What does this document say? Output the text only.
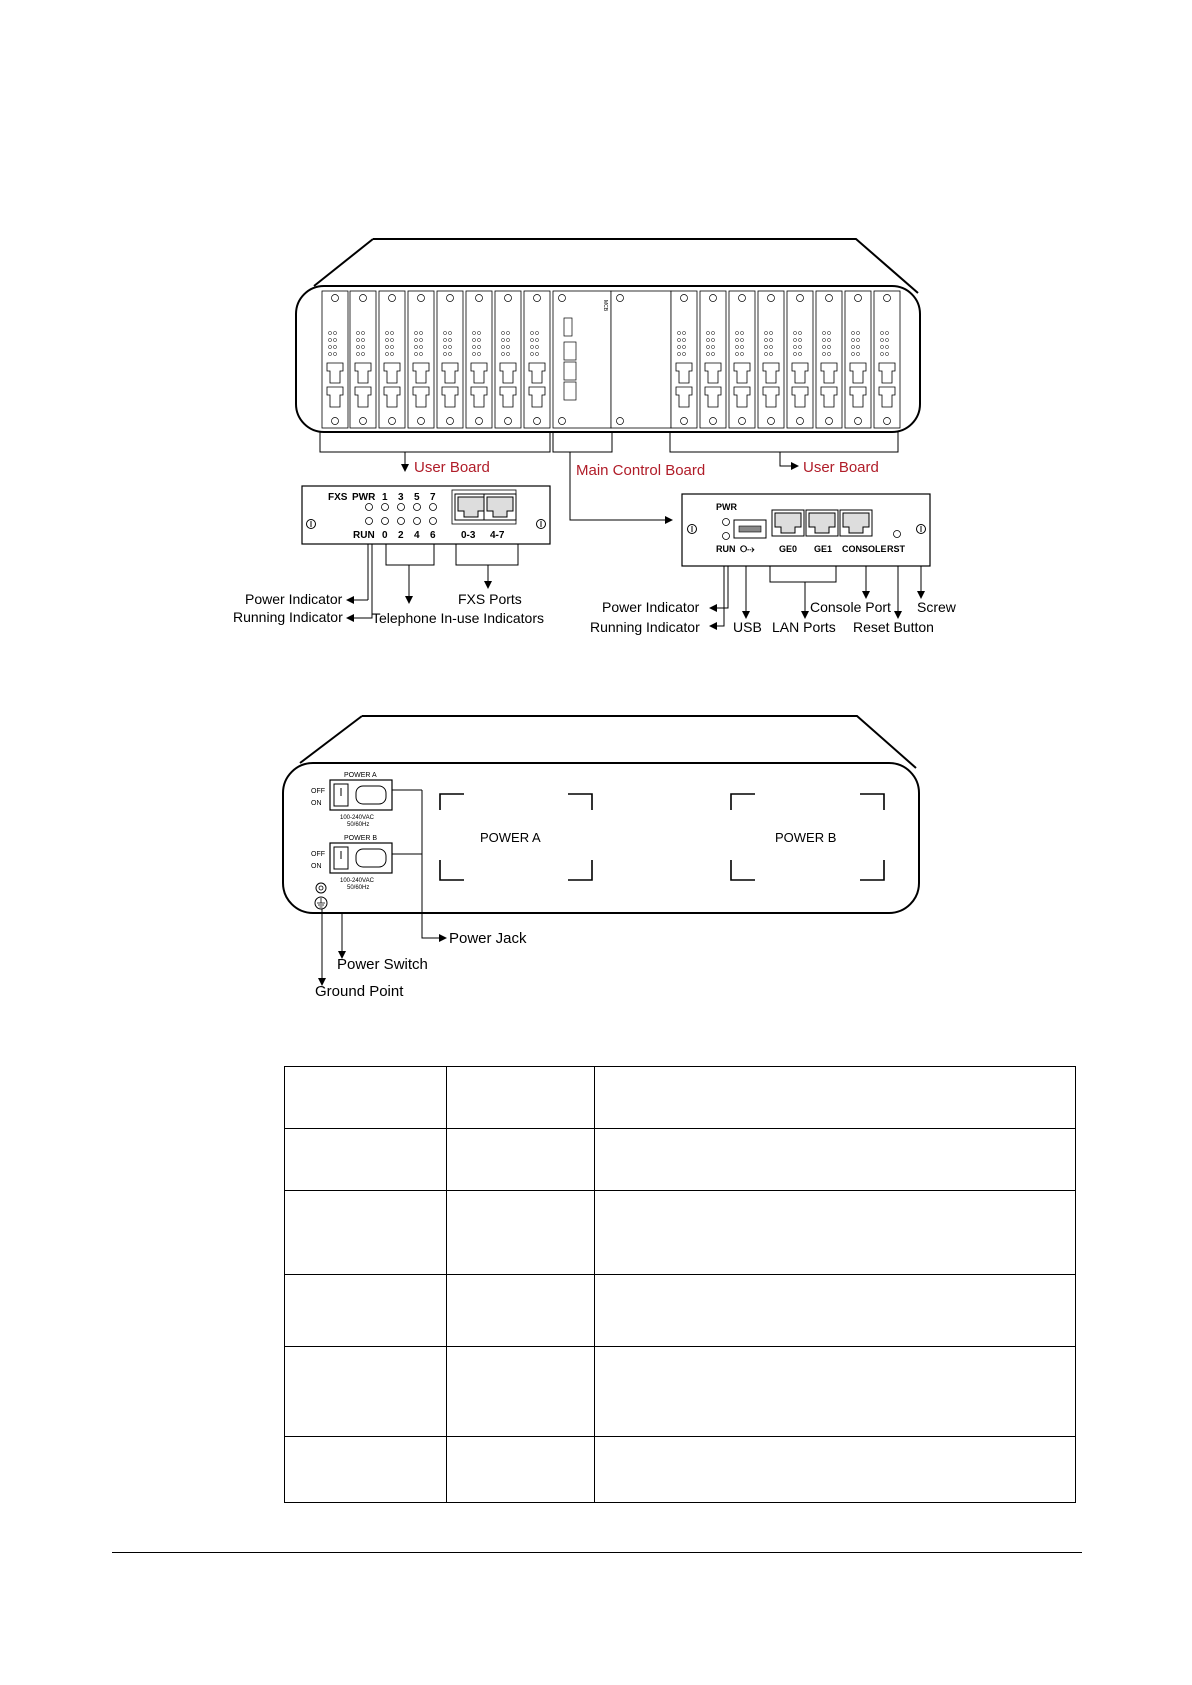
MCB
User Board	Main Control Board	User Board
FXS PWR
RUN
1 3 5 7
0 2 4 6	0-3 4-7
Power Indicator
Running Indicator Telephone In-use Indicators
FXS Ports
PWR
RUN ⭘⇢	GE0 GE1 CONSOLE RST
Power Indicator
Running Indicator USB LAN Ports
Console Port
Reset Button
Screw
POWER A
OFF
ON
100-240VAC
50/60Hz
POWER B
OFF
ON
100-240VAC
50/60Hz
POWER A	POWER B
Power Jack
Power Switch
Ground Point
